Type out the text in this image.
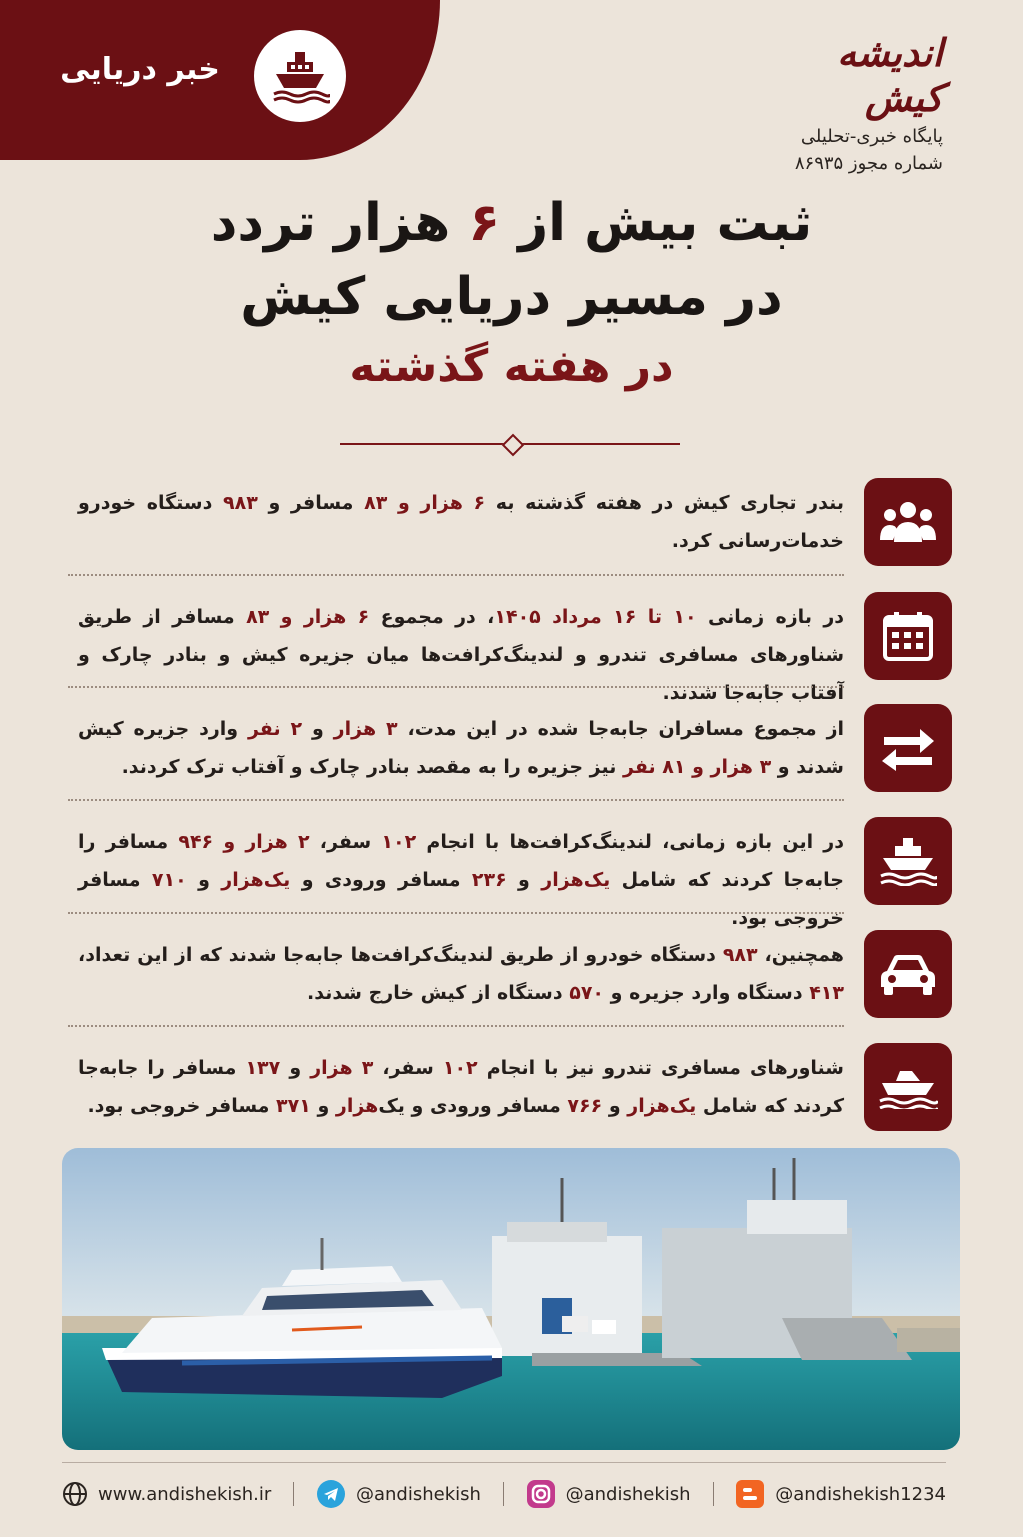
خبر دریایی	اندیشه کیش
پایگاه خبری-تحلیلی
شماره مجوز ۸۶۹۳۵
ثبت بیش از ۶ هزار تردد
در مسیر دریایی کیش
در هفته گذشته
بندر تجاری کیش در هفته گذشته به ۶ هزار و ۸۳ مسافر و ۹۸۳ دستگاه خودرو خدمات‌رسانی کرد.
در بازه زمانی ۱۰ تا ۱۶ مرداد ۱۴۰۵، در مجموع ۶ هزار و ۸۳ مسافر از طریق شناورهای مسافری تندرو و لندینگ‌کرافت‌ها میان جزیره کیش و بنادر چارک و آفتاب جابه‌جا شدند.
از مجموع مسافران جابه‌جا شده در این مدت، ۳ هزار و ۲ نفر وارد جزیره کیش شدند و ۳ هزار و ۸۱ نفر نیز جزیره را به مقصد بنادر چارک و آفتاب ترک کردند.
در این بازه زمانی، لندینگ‌کرافت‌ها با انجام ۱۰۲ سفر، ۲ هزار و ۹۴۶ مسافر را جابه‌جا کردند که شامل یک‌هزار و ۲۳۶ مسافر ورودی و یک‌هزار و ۷۱۰ مسافر خروجی بود.
همچنین، ۹۸۳ دستگاه خودرو از طریق لندینگ‌کرافت‌ها جابه‌جا شدند که از این تعداد، ۴۱۳ دستگاه وارد جزیره و ۵۷۰ دستگاه از کیش خارج شدند.
شناورهای مسافری تندرو نیز با انجام ۱۰۲ سفر، ۳ هزار و ۱۳۷ مسافر را جابه‌جا کردند که شامل یک‌هزار و ۷۶۶ مسافر ورودی و یک‌هزار و ۳۷۱ مسافر خروجی بود.
www.andishekish.ir	@andishekish	@andishekish	@andishekish1234
